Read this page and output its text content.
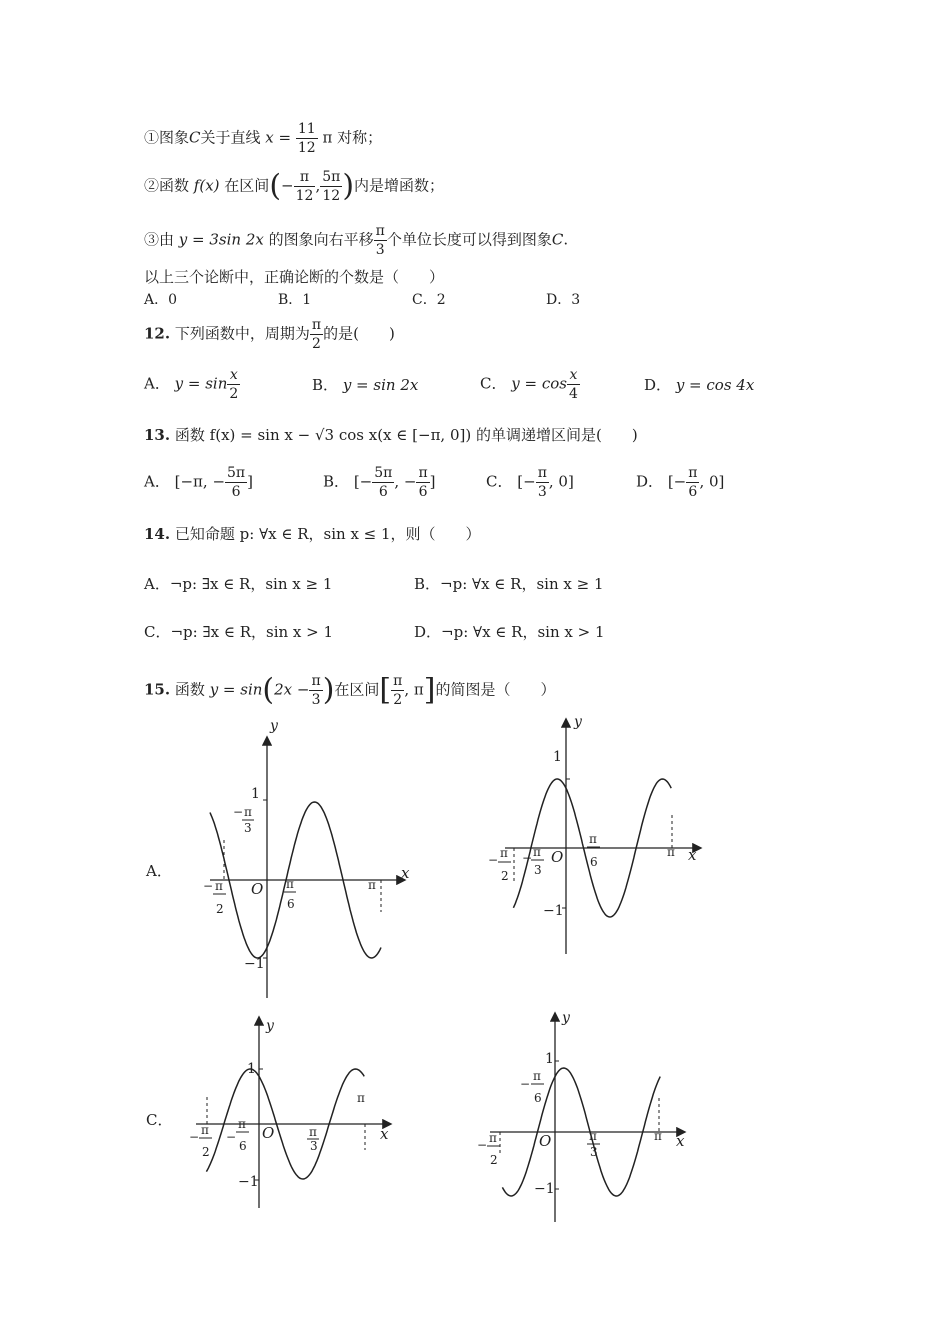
①图象C关于直线 $x = \frac{11}{12}$ π 对称；
②函数 f(x) 在区间(− $\frac{\pi}{12}$ , $\frac{5\pi}{12}$ )内是增函数；
③由 y = 3sin 2x 的图象向右平移 $\frac{\pi}{3}$ 个单位长度可以得到图象C.
以上三个论断中，正确论断的个数是（　　）
A．0	B．1	C．2	D．3
12. 下列函数中，周期为 $\frac{\pi}{2}$ 的是(　　)
A． $y = \sin \frac{x}{2}$	B． y = sin 2x	C． $y = \cos \frac{x}{4}$	D． y = cos 4x
13. 函数 f(x) = sin x − √3 cos x(x ∈ [−π, 0]) 的单调递增区间是(　　)
A． [−π, − $\frac{5\pi}{6}$ ]	B． [− $\frac{5\pi}{6}$ , − $\frac{\pi}{6}$ ]	C． [− $\frac{\pi}{3}$ , 0]	D． [− $\frac{\pi}{6}$ , 0]
14. 已知命题 p: ∀x ∈ R，sin x ≤ 1，则（　　）
A．¬p: ∃x ∈ R，sin x ≥ 1	B．¬p: ∀x ∈ R，sin x ≥ 1
C．¬p: ∃x ∈ R，sin x > 1	D．¬p: ∀x ∈ R，sin x > 1
15. 函数 $y = \sin(2x - \frac{\pi}{3}$ )在区间[ $\frac{\pi}{2}$ , π]的简图是（　　）
A．
C．
y
x
O
1
−1
− π
3
− π
2
π
6
π
y
x
O
1
−1
− π
2
− π
3
π
6
π
y
x
O
1
−1
π
− π
2
−
π
6
π
3
y
x
O
1
−1
−
π
6
− π
2
π
3
π
